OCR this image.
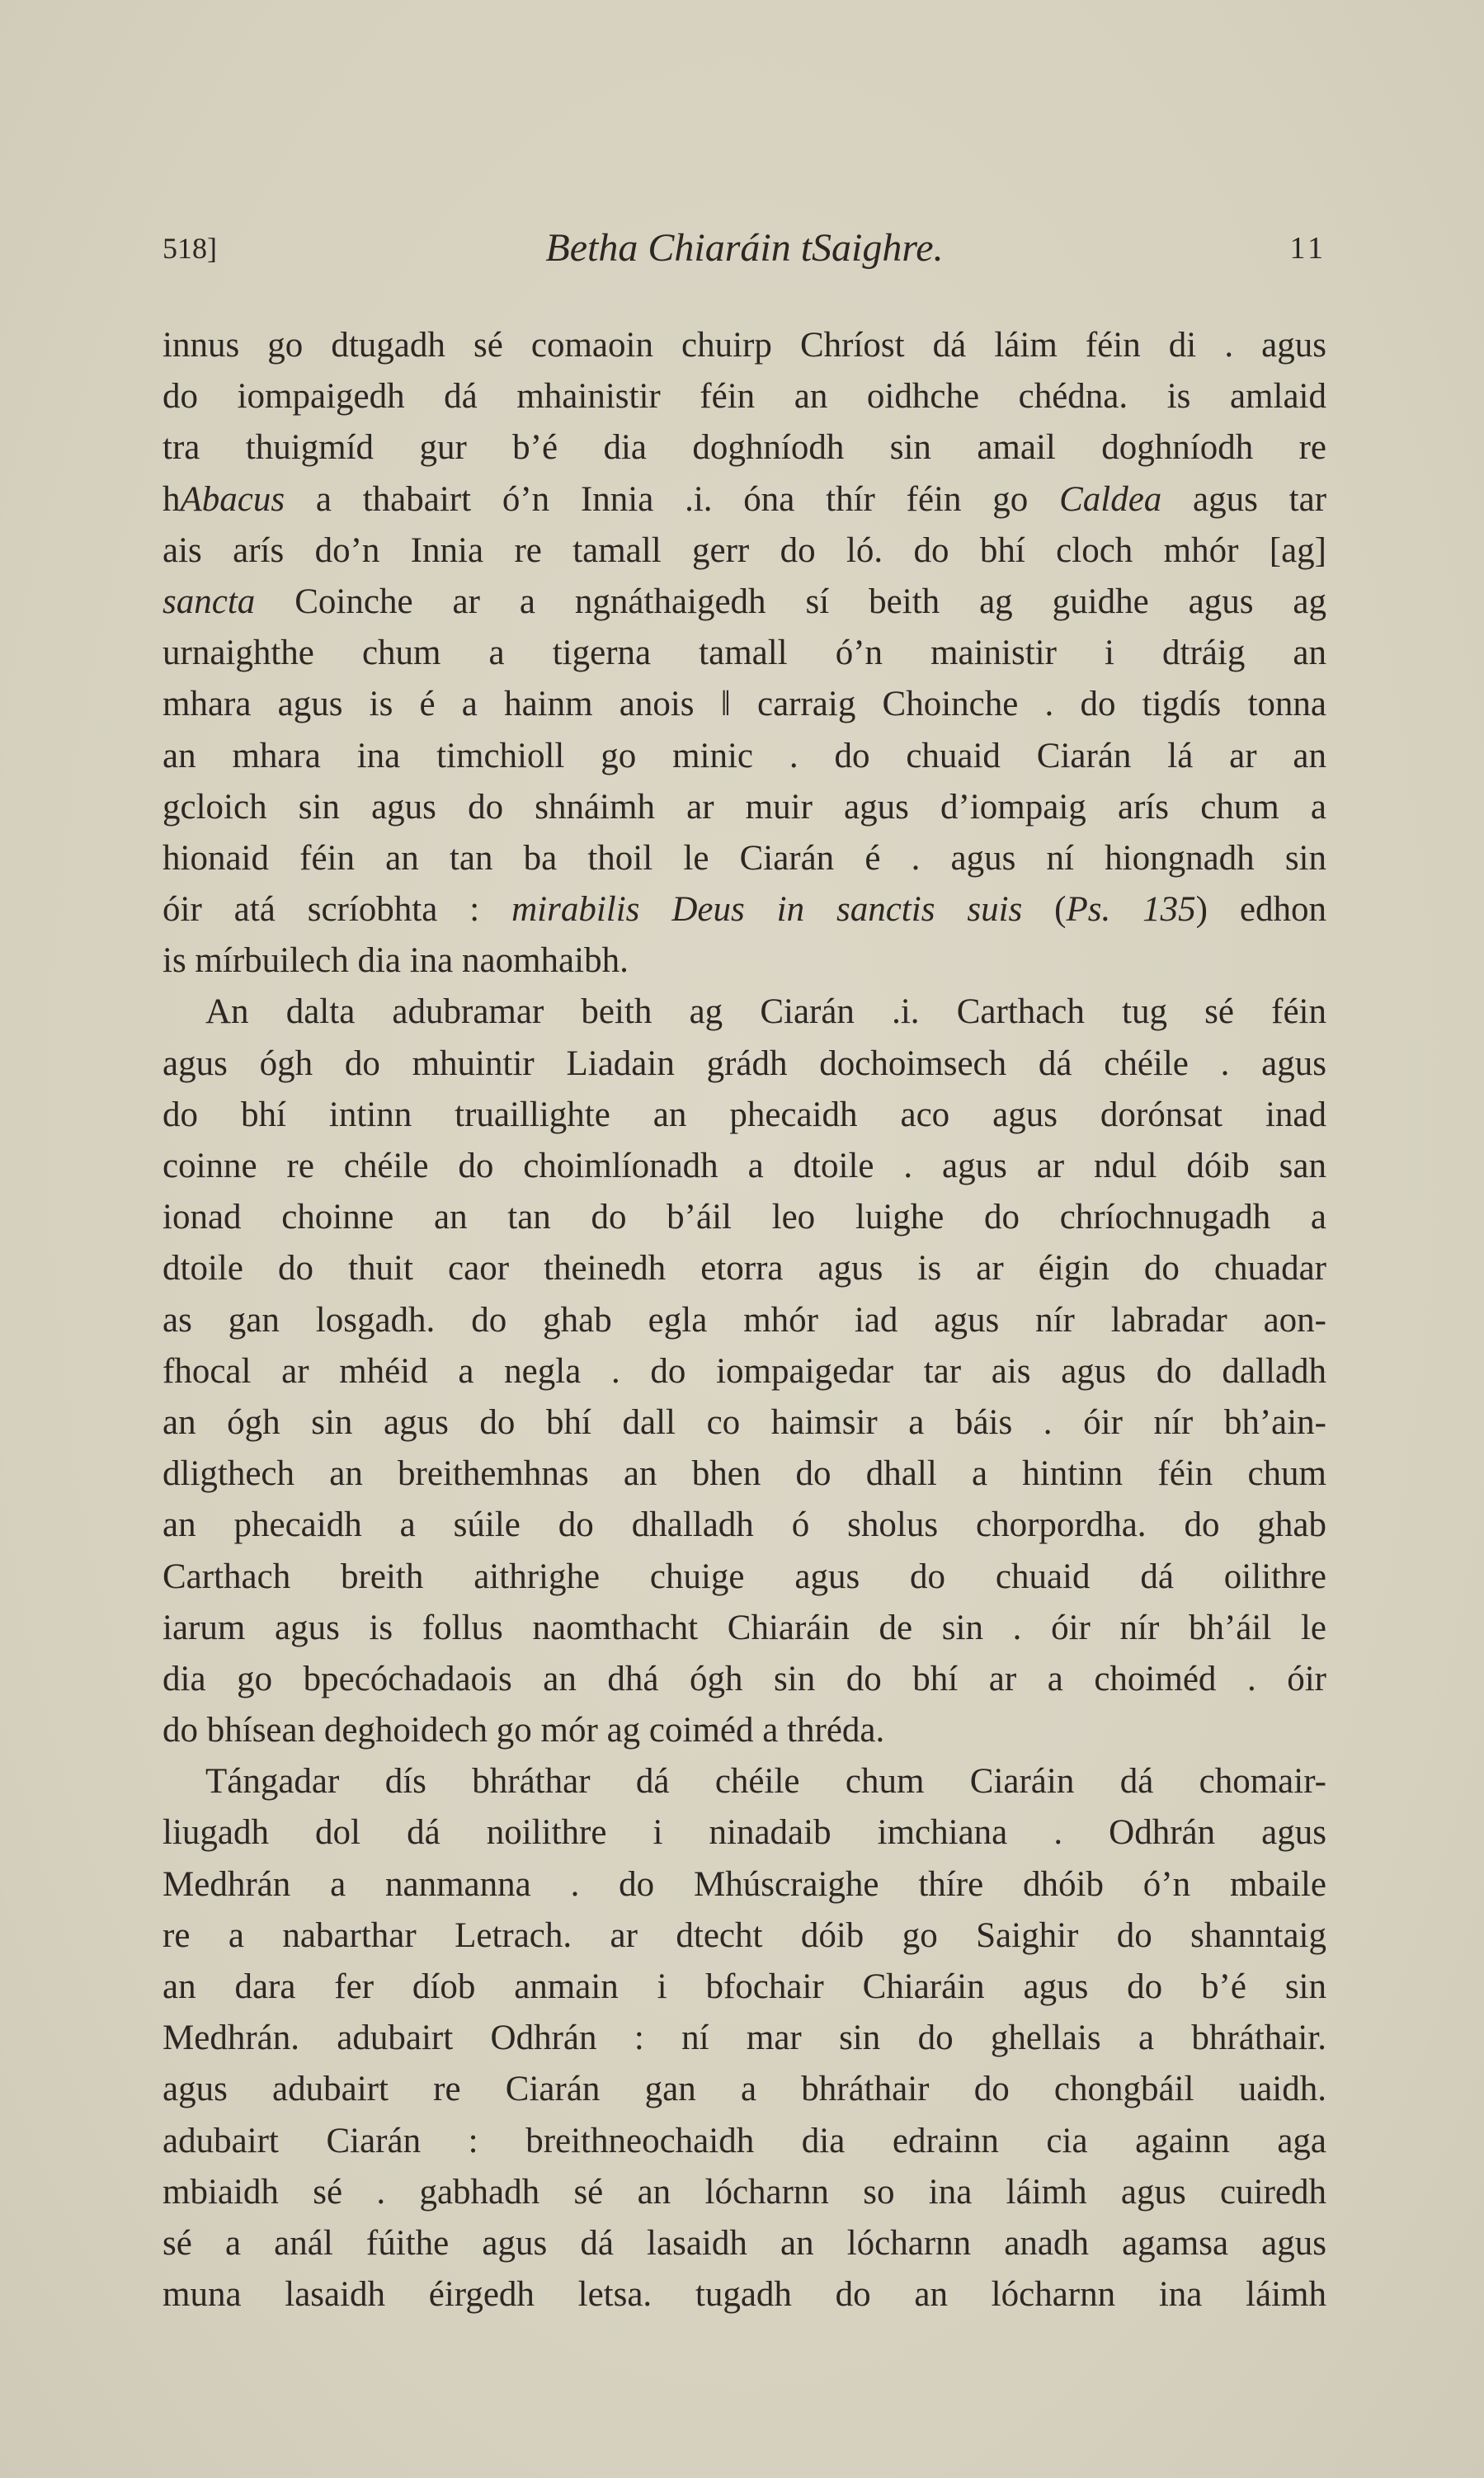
518]	Betha Chiaráin tSaighre.	11
innus go dtugadh sé comaoin chuirp Chríost dá láim féin di . agus
do iompaigedh dá mhainistir féin an oidhche chédna. is amlaid
tra thuigmíd gur b’é dia doghníodh sin amail doghníodh re
hAbacus a thabairt ó’n Innia .i. óna thír féin go Caldea agus tar
ais arís do’n Innia re tamall gerr do ló. do bhí cloch mhór [ag]
sancta Coinche ar a ngnáthaigedh sí beith ag guidhe agus ag
urnaighthe chum a tigerna tamall ó’n mainistir i dtráig an
mhara agus is é a hainm anois ‖ carraig Choinche . do tigdís tonna
an mhara ina timchioll go minic . do chuaid Ciarán lá ar an
gcloich sin agus do shnáimh ar muir agus d’iompaig arís chum a
hionaid féin an tan ba thoil le Ciarán é . agus ní hiongnadh sin
óir atá scríobhta : mirabilis Deus in sanctis suis (Ps. 135) edhon
is mírbuilech dia ina naomhaibh.
An dalta adubramar beith ag Ciarán .i. Carthach tug sé féin
agus ógh do mhuintir Liadain grádh dochoimsech dá chéile . agus
do bhí intinn truaillighte an phecaidh aco agus dorónsat inad
coinne re chéile do choimlíonadh a dtoile . agus ar ndul dóib san
ionad choinne an tan do b’áil leo luighe do chríochnugadh a
dtoile do thuit caor theinedh etorra agus is ar éigin do chuadar
as gan losgadh. do ghab egla mhór iad agus nír labradar aon-
fhocal ar mhéid a negla . do iompaigedar tar ais agus do dalladh
an ógh sin agus do bhí dall co haimsir a báis . óir nír bh’ain-
dligthech an breithemhnas an bhen do dhall a hintinn féin chum
an phecaidh a súile do dhalladh ó sholus chorpordha. do ghab
Carthach breith aithrighe chuige agus do chuaid dá oilithre
iarum agus is follus naomthacht Chiaráin de sin . óir nír bh’áil le
dia go bpecóchadaois an dhá ógh sin do bhí ar a choiméd . óir
do bhísean deghoidech go mór ag coiméd a thréda.
Tángadar dís bhráthar dá chéile chum Ciaráin dá chomair-
liugadh dol dá noilithre i ninadaib imchiana . Odhrán agus
Medhrán a nanmanna . do Mhúscraighe thíre dhóib ó’n mbaile
re a nabarthar Letrach. ar dtecht dóib go Saighir do shanntaig
an dara fer díob anmain i bfochair Chiaráin agus do b’é sin
Medhrán. adubairt Odhrán : ní mar sin do ghellais a bhráthair.
agus adubairt re Ciarán gan a bhráthair do chongbáil uaidh.
adubairt Ciarán : breithneochaidh dia edrainn cia againn aga
mbiaidh sé . gabhadh sé an lócharnn so ina láimh agus cuiredh
sé a anál fúithe agus dá lasaidh an lócharnn anadh agamsa agus
muna lasaidh éirgedh letsa. tugadh do an lócharnn ina láimh
